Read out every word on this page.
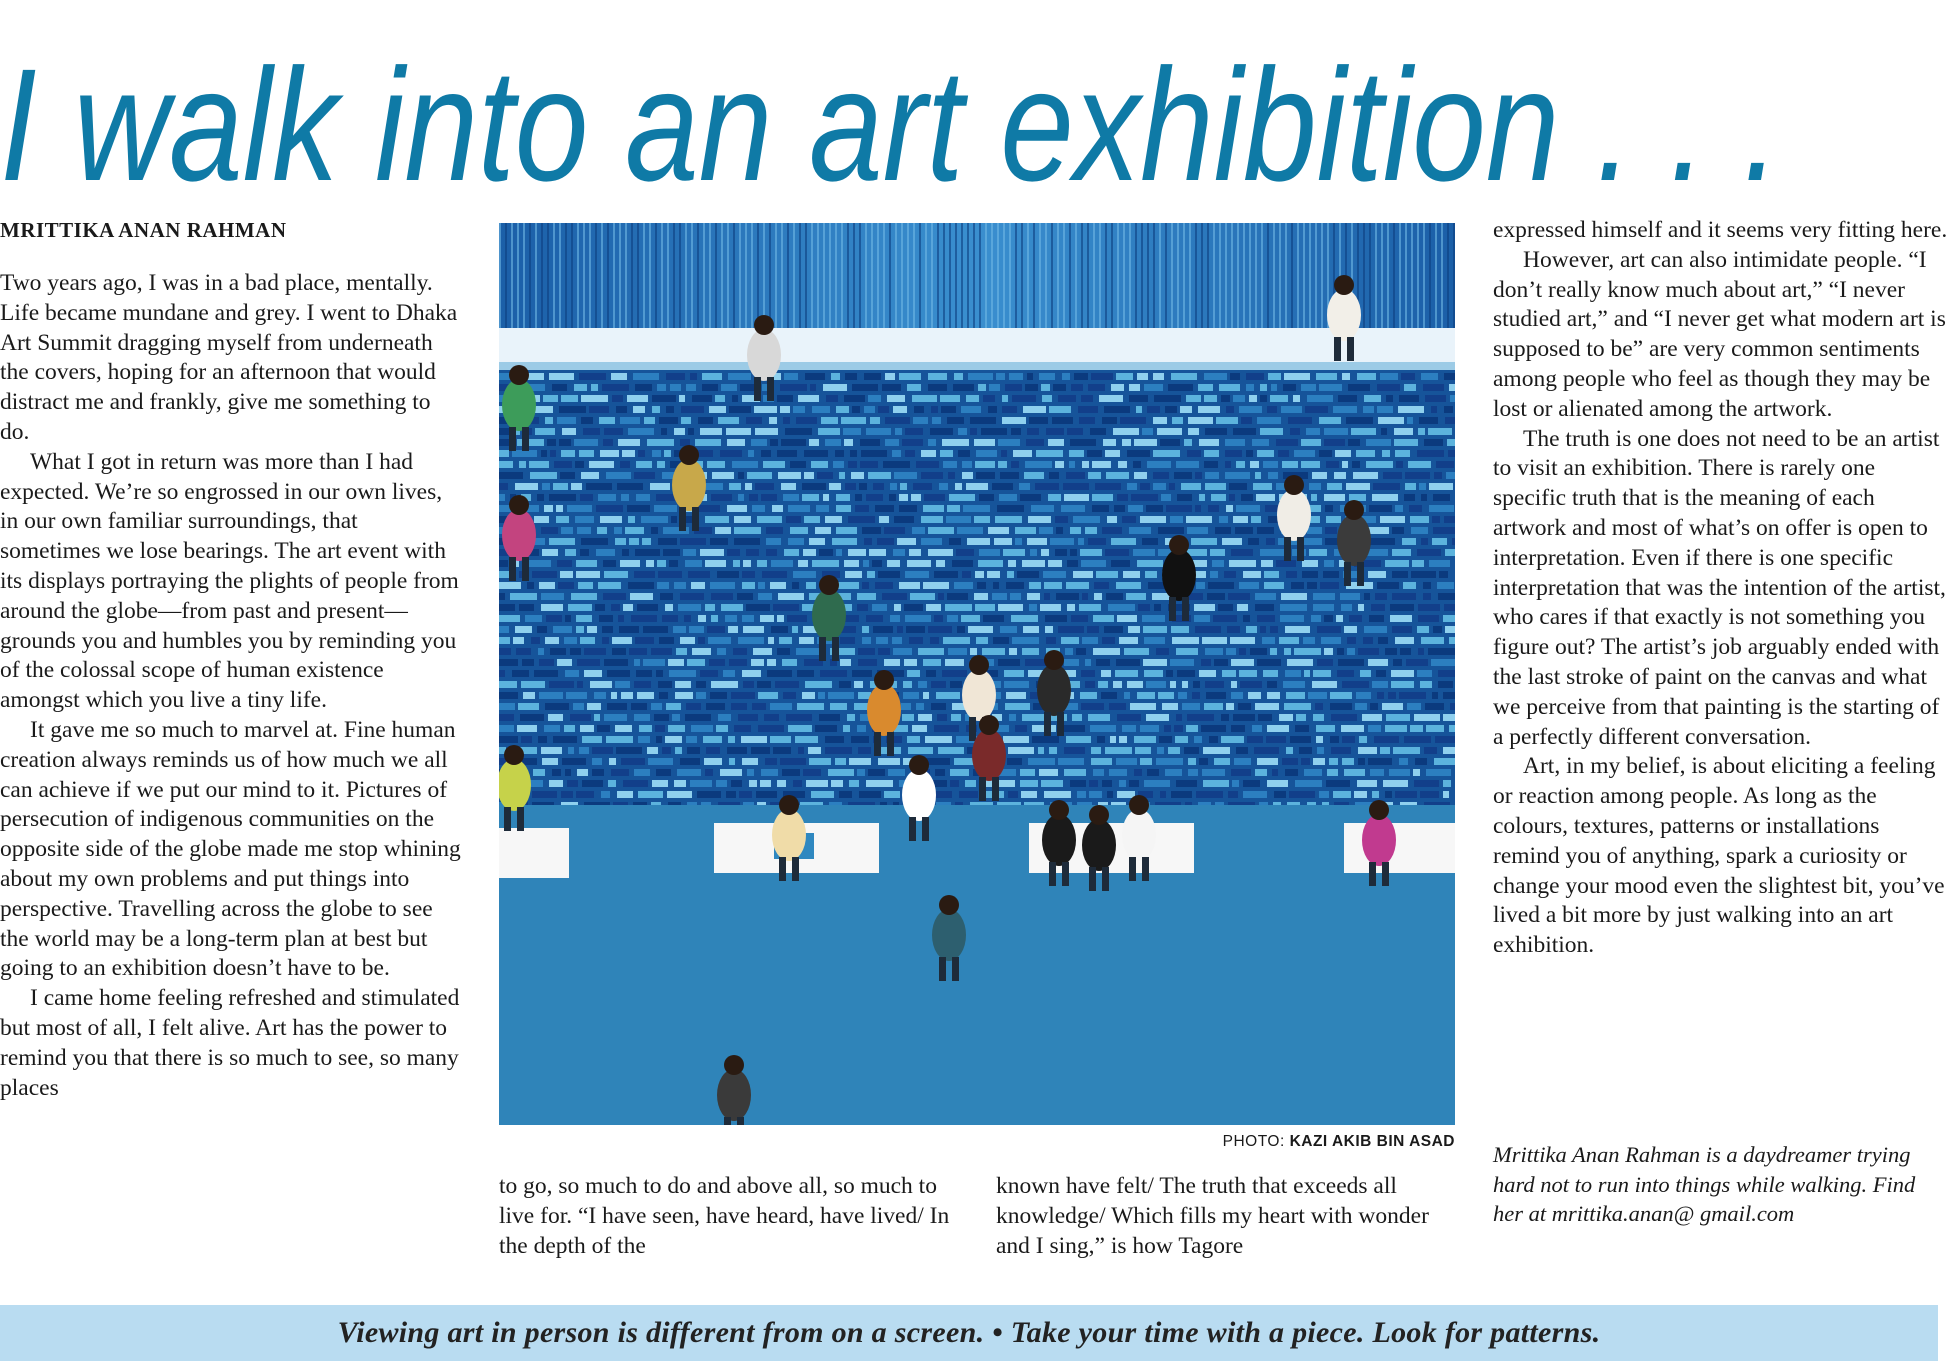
I walk into an art exhibition . . .
MRITTIKA ANAN RAHMAN

Two years ago, I was in a bad place, mentally. Life became mundane and grey. I went to Dhaka Art Summit dragging myself from underneath the covers, hoping for an afternoon that would distract me and frankly, give me something to do.

What I got in return was more than I had expected. We’re so engrossed in our own lives, in our own familiar surroundings, that sometimes we lose bearings. The art event with its displays portraying the plights of people from around the globe—from past and present—grounds you and humbles you by reminding you of the colossal scope of human existence amongst which you live a tiny life.

It gave me so much to marvel at. Fine human creation always reminds us of how much we all can achieve if we put our mind to it. Pictures of persecution of indigenous communities on the opposite side of the globe made me stop whining about my own problems and put things into perspective. Travelling across the globe to see the world may be a long-term plan at best but going to an exhibition doesn’t have to be.

I came home feeling refreshed and stimulated but most of all, I felt alive. Art has the power to remind you that there is so much to see, so many places

PHOTO: KAZI AKIB BIN ASAD

to go, so much to do and above all, so much to live for. “I have seen, have heard, have lived/ In the depth of the

known have felt/ The truth that exceeds all knowledge/ Which fills my heart with wonder and I sing,” is how Tagore

expressed himself and it seems very fitting here.

However, art can also intimidate people. “I don’t really know much about art,” “I never studied art,” and “I never get what modern art is supposed to be” are very common sentiments among people who feel as though they may be lost or alienated among the artwork.

The truth is one does not need to be an artist to visit an exhibition. There is rarely one specific truth that is the meaning of each artwork and most of what’s on offer is open to interpretation. Even if there is one specific interpretation that was the intention of the artist, who cares if that exactly is not something you figure out? The artist’s job arguably ended with the last stroke of paint on the canvas and what we perceive from that painting is the starting of a perfectly different conversation.

Art, in my belief, is about eliciting a feeling or reaction among people. As long as the colours, textures, patterns or installations remind you of anything, spark a curiosity or change your mood even the slightest bit, you’ve lived a bit more by just walking into an art exhibition.

Mrittika Anan Rahman is a daydreamer trying hard not to run into things while walking. Find her at mrittika.anan@ gmail.com
Viewing art in person is different from on a screen. • Take your time with a piece. Look for patterns.
